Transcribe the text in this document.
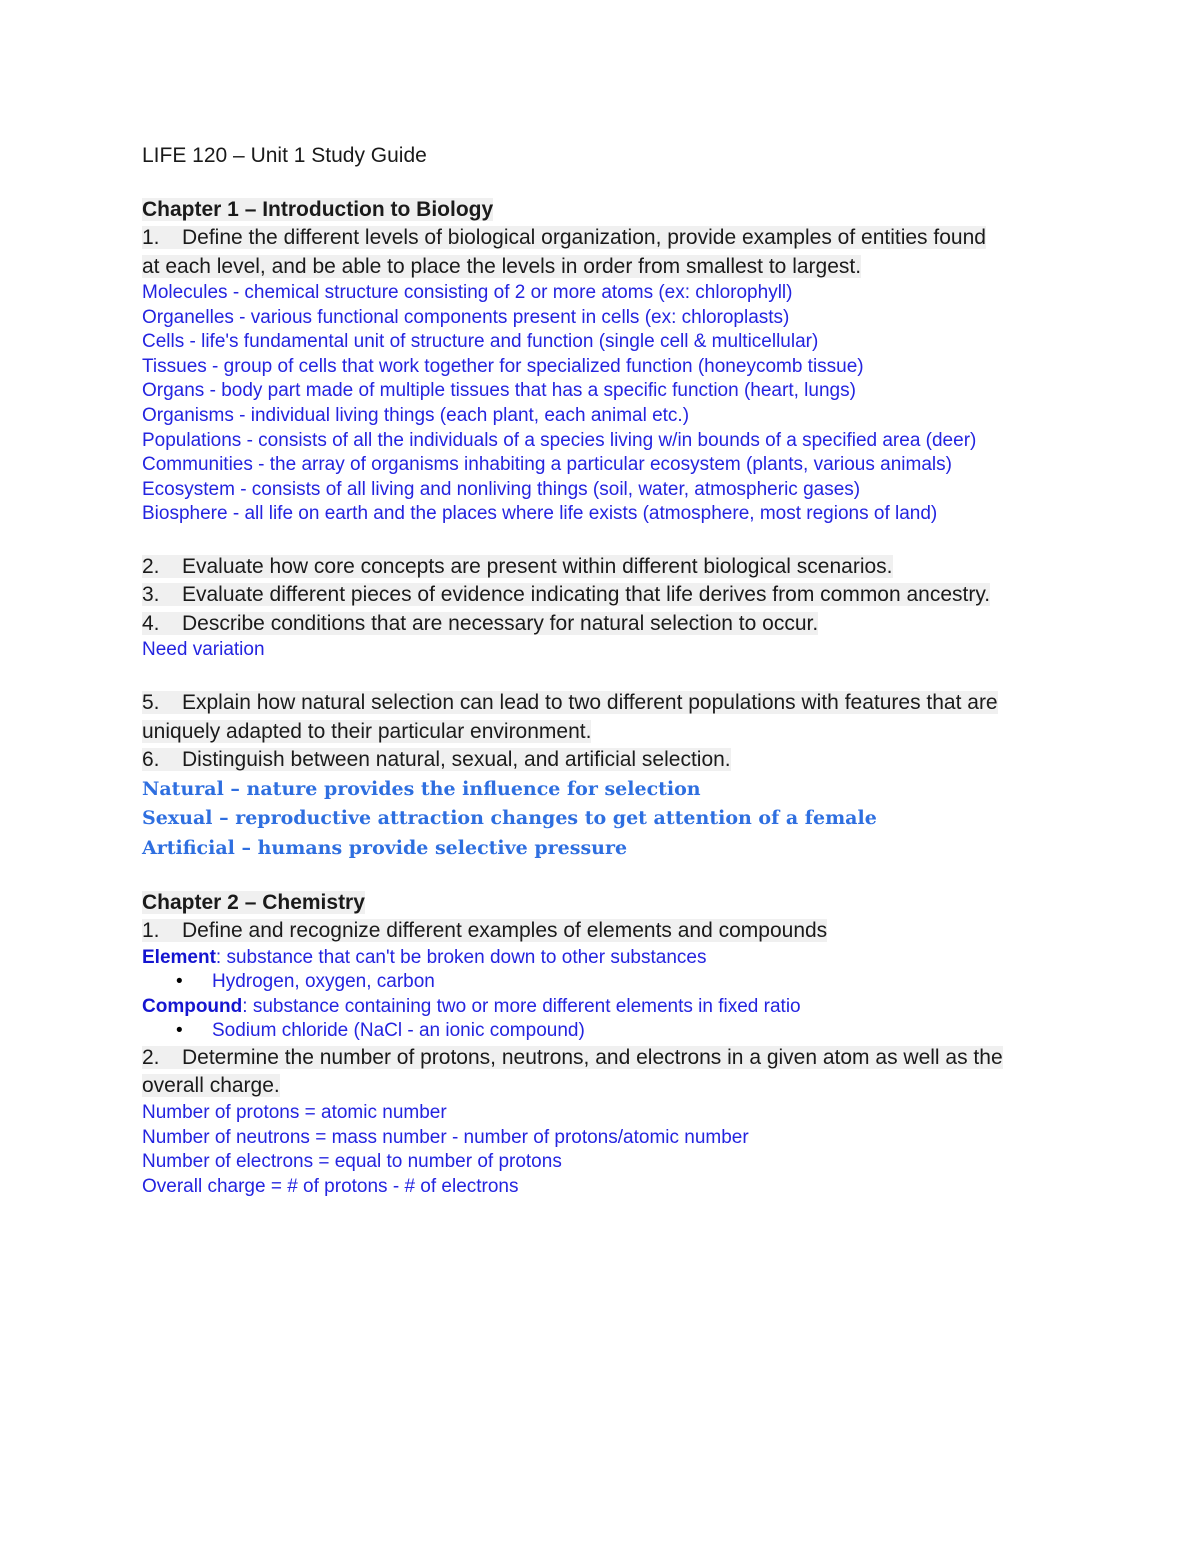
LIFE 120 – Unit 1 Study Guide

Chapter 1 – Introduction to Biology

1. Define the different levels of biological organization, provide examples of entities found

at each level, and be able to place the levels in order from smallest to largest.

Molecules - chemical structure consisting of 2 or more atoms (ex: chlorophyll)

Organelles - various functional components present in cells (ex: chloroplasts)

Cells - life's fundamental unit of structure and function (single cell & multicellular)

Tissues - group of cells that work together for specialized function (honeycomb tissue)

Organs - body part made of multiple tissues that has a specific function (heart, lungs)

Organisms - individual living things (each plant, each animal etc.)

Populations - consists of all the individuals of a species living w/in bounds of a specified area (deer)

Communities - the array of organisms inhabiting a particular ecosystem (plants, various animals)

Ecosystem - consists of all living and nonliving things (soil, water, atmospheric gases)

Biosphere - all life on earth and the places where life exists (atmosphere, most regions of land)

2. Evaluate how core concepts are present within different biological scenarios.

3. Evaluate different pieces of evidence indicating that life derives from common ancestry.

4. Describe conditions that are necessary for natural selection to occur.

Need variation

5. Explain how natural selection can lead to two different populations with features that are

uniquely adapted to their particular environment.

6. Distinguish between natural, sexual, and artificial selection.

Natural – nature provides the influence for selection

Sexual – reproductive attraction changes to get attention of a female

Artificial – humans provide selective pressure

Chapter 2 – Chemistry

1. Define and recognize different examples of elements and compounds

Element: substance that can't be broken down to other substances

• Hydrogen, oxygen, carbon

Compound: substance containing two or more different elements in fixed ratio

• Sodium chloride (NaCl - an ionic compound)

2. Determine the number of protons, neutrons, and electrons in a given atom as well as the

overall charge.

Number of protons = atomic number

Number of neutrons = mass number - number of protons/atomic number

Number of electrons = equal to number of protons

Overall charge = # of protons - # of electrons
